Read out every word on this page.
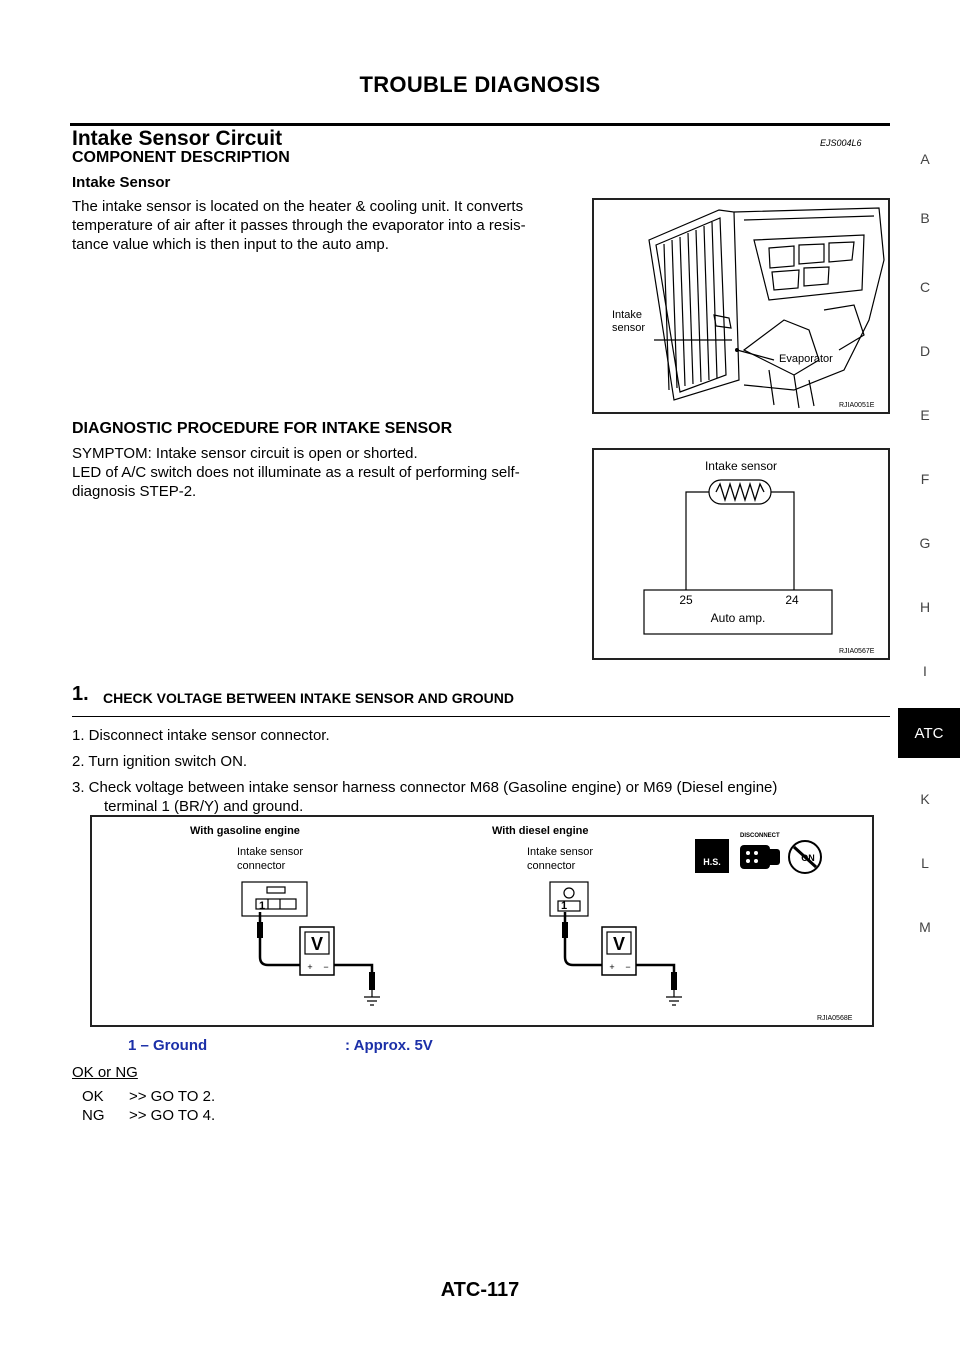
TROUBLE DIAGNOSIS
Intake Sensor Circuit	EJS004L6
COMPONENT DESCRIPTION
Intake Sensor
The intake sensor is located on the heater & cooling unit. It converts
temperature of air after it passes through the evaporator into a resis-
tance value which is then input to the auto amp.
Intake
sensor
Evaporator
RJIA0051E
DIAGNOSTIC PROCEDURE FOR INTAKE SENSOR
SYMPTOM: Intake sensor circuit is open or shorted.
LED of A/C switch does not illuminate as a result of performing self-
diagnosis STEP-2.
Intake sensor
25	24
Auto amp.
RJIA0567E
1. CHECK VOLTAGE BETWEEN INTAKE SENSOR AND GROUND
1. Disconnect intake sensor connector.
2. Turn ignition switch ON.
3. Check voltage between intake sensor harness connector M68 (Gasoline engine) or M69 (Diesel engine)
terminal 1 (BR/Y) and ground.
With gasoline engine
Intake sensor
connector
1
V
+ −
With diesel engine
Intake sensor
connector
1
V
+ −
H.S.
DISCONNECT
ON
RJIA0568E
1 – Ground	: Approx. 5V
OK or NG
OK >> GO TO 2.
NG >> GO TO 4.
A
B
C
D
E
F
G
H
I
ATC
K
L
M
ATC-117
